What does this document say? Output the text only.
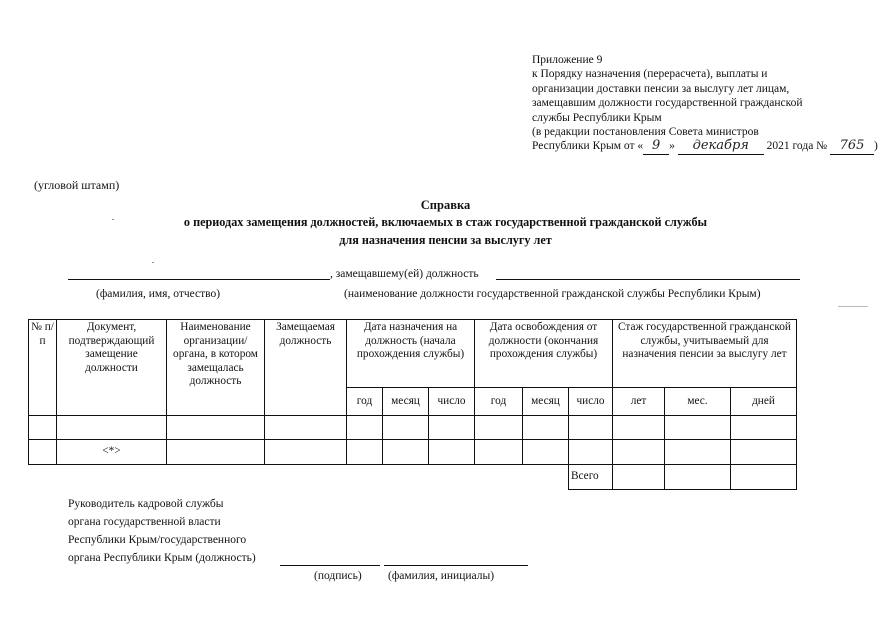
Приложение 9
к Порядку назначения (перерасчета), выплаты и
организации доставки пенсии за выслугу лет лицам,
замещавшим должности государственной гражданской
службы Республики Крым
(в редакции постановления Совета министров
Республики Крым от « 9 » декабря 2021 года № 765 )
(угловой штамп)
Справка
о периодах замещения должностей, включаемых в стаж государственной гражданской службы
для назначения пенсии за выслугу лет
, замещавшему(ей) должность
(фамилия, имя, отчество)	(наименование должности государственной гражданской службы Республики Крым)
№ п/п	Документ, подтверждающий замещение должности	Наименование организации/ органа, в котором замещалась должность	Замещаемая должность	Дата назначения на должность (начала прохождения службы)			Дата освобождения от должности (окончания прохождения службы)			Стаж государственной гражданской службы, учитываемый для назначения пенсии за выслугу лет		
				год	месяц	число	год	месяц	число	лет	мес.	дней

	<*>											
									Всего			
Руководитель кадровой службы
органа государственной власти
Республики Крым/государственного
органа Республики Крым (должность)
(подпись) (фамилия, инициалы)
